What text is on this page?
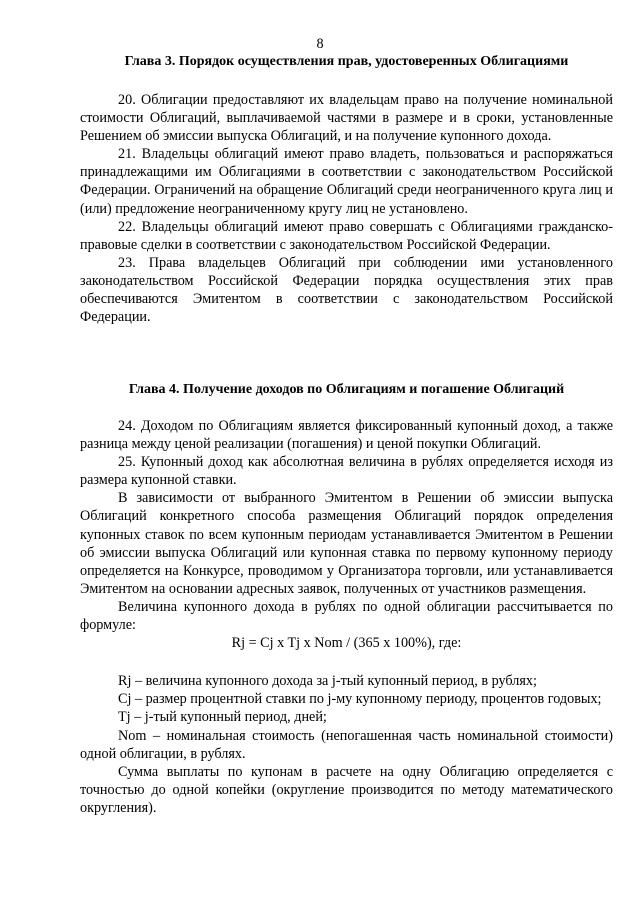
8
Глава 3. Порядок осуществления прав, удостоверенных Облигациями

20. Облигации предоставляют их владельцам право на получение номинальной стоимости Облигаций, выплачиваемой частями в размере и в сроки, установленные Решением об эмиссии выпуска Облигаций, и на получение купонного дохода.

21. Владельцы облигаций имеют право владеть, пользоваться и распоряжаться принадлежащими им Облигациями в соответствии с законодательством Российской Федерации. Ограничений на обращение Облигаций среди неограниченного круга лиц и (или) предложение неограниченному кругу лиц не установлено.

22. Владельцы облигаций имеют право совершать с Облигациями гражданско-правовые сделки в соответствии с законодательством Российской Федерации.

23. Права владельцев Облигаций при соблюдении ими установленного законодательством Российской Федерации порядка осуществления этих прав обеспечиваются Эмитентом в соответствии с законодательством Российской Федерации.

Глава 4. Получение доходов по Облигациям и погашение Облигаций

24. Доходом по Облигациям является фиксированный купонный доход, а также разница между ценой реализации (погашения) и ценой покупки Облигаций.

25. Купонный доход как абсолютная величина в рублях определяется исходя из размера купонной ставки.

В зависимости от выбранного Эмитентом в Решении об эмиссии выпуска Облигаций конкретного способа размещения Облигаций порядок определения купонных ставок по всем купонным периодам устанавливается Эмитентом в Решении об эмиссии выпуска Облигаций или купонная ставка по первому купонному периоду определяется на Конкурсе, проводимом у Организатора торговли, или устанавливается Эмитентом на основании адресных заявок, полученных от участников размещения.

Величина купонного дохода в рублях по одной облигации рассчитывается по формуле:

Rj = Cj x Tj x Nom / (365 x 100%), где:

Rj – величина купонного дохода за j-тый купонный период, в рублях;

Cj – размер процентной ставки по j-му купонному периоду, процентов годовых;

Tj – j-тый купонный период, дней;

Nom – номинальная стоимость (непогашенная часть номинальной стоимости) одной облигации, в рублях.

Сумма выплаты по купонам в расчете на одну Облигацию определяется с точностью до одной копейки (округление производится по методу математического округления).
